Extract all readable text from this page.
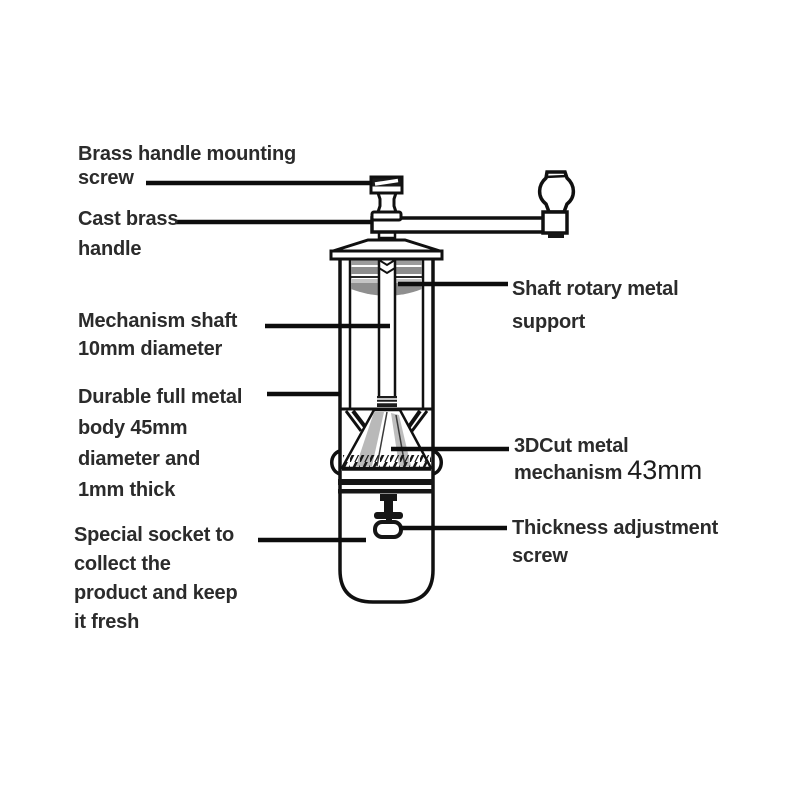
Brass handle mounting
screw
Cast brass
handle
Mechanism shaft
10mm diameter
Durable full metal
body 45mm
diameter and
1mm thick
Special socket to
collect the
product and keep
it fresh
Shaft rotary metal
support
3DCut metal
mechanism 43mm
Thickness adjustment
screw
